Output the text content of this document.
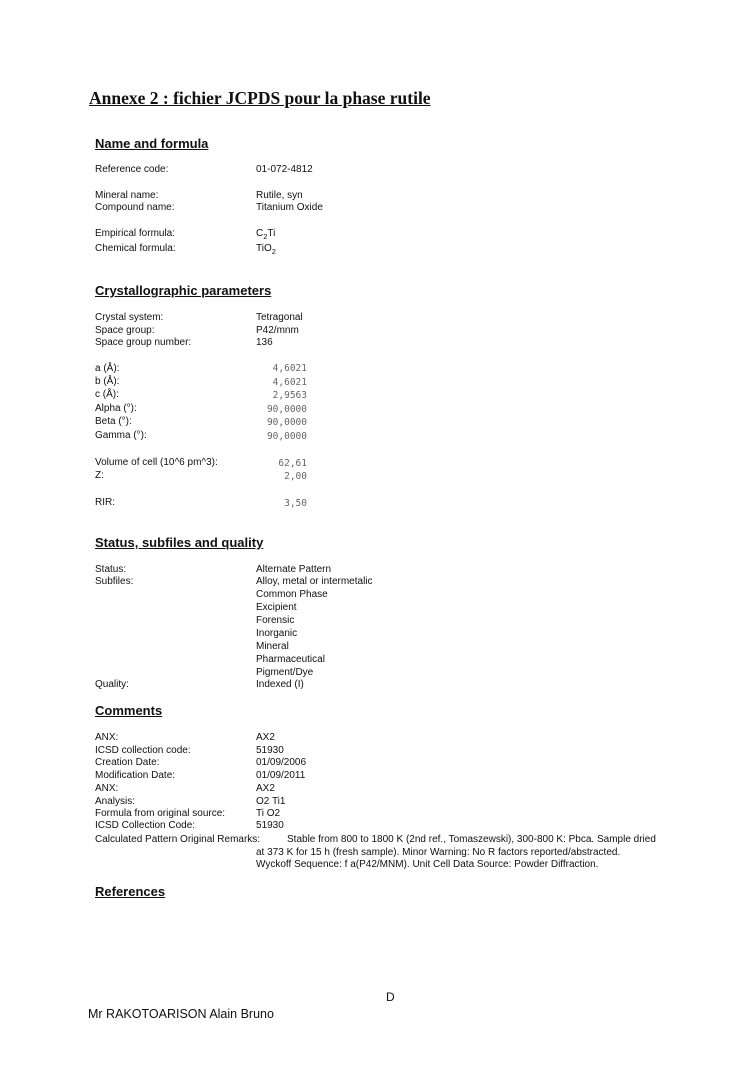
Annexe 2 : fichier JCPDS pour la phase rutile
Name and formula
Reference code:	01-072-4812
Mineral name:	Rutile, syn
Compound name:	Titanium Oxide
Empirical formula:	$C_2Ti$
Chemical formula:	TiO$_2$
Crystallographic parameters
Crystal system:	Tetragonal
Space group:	P42/mnm
Space group number:	136
a (Å):	4,6021
b (Å):	4,6021
c (Å):	2,9563
Alpha (°):	90,0000
Beta (°):	90,0000
Gamma (°):	90,0000
Volume of cell (10^6 pm^3):	62,61
Z:	2,00
RIR:	3,50
Status, subfiles and quality
Status:	Alternate Pattern
Subfiles:	Alloy, metal or intermetalic
Common Phase
Excipient
Forensic
Inorganic
Mineral
Pharmaceutical
Pigment/Dye
Quality:	Indexed (I)
Comments
ANX:	AX2
ICSD collection code:	51930
Creation Date:	01/09/2006
Modification Date:	01/09/2011
ANX:	AX2
Analysis:	O2 Ti1
Formula from original source:	Ti O2
ICSD Collection Code:	51930
Calculated Pattern Original Remarks:	Stable from 800 to 1800 K (2nd ref., Tomaszewski), 300-800 K: Pbca. Sample dried
at 373 K for 15 h (fresh sample). Minor Warning: No R factors reported/abstracted.
Wyckoff Sequence: f a(P42/MNM). Unit Cell Data Source: Powder Diffraction.
References
D
Mr RAKOTOARISON Alain Bruno
